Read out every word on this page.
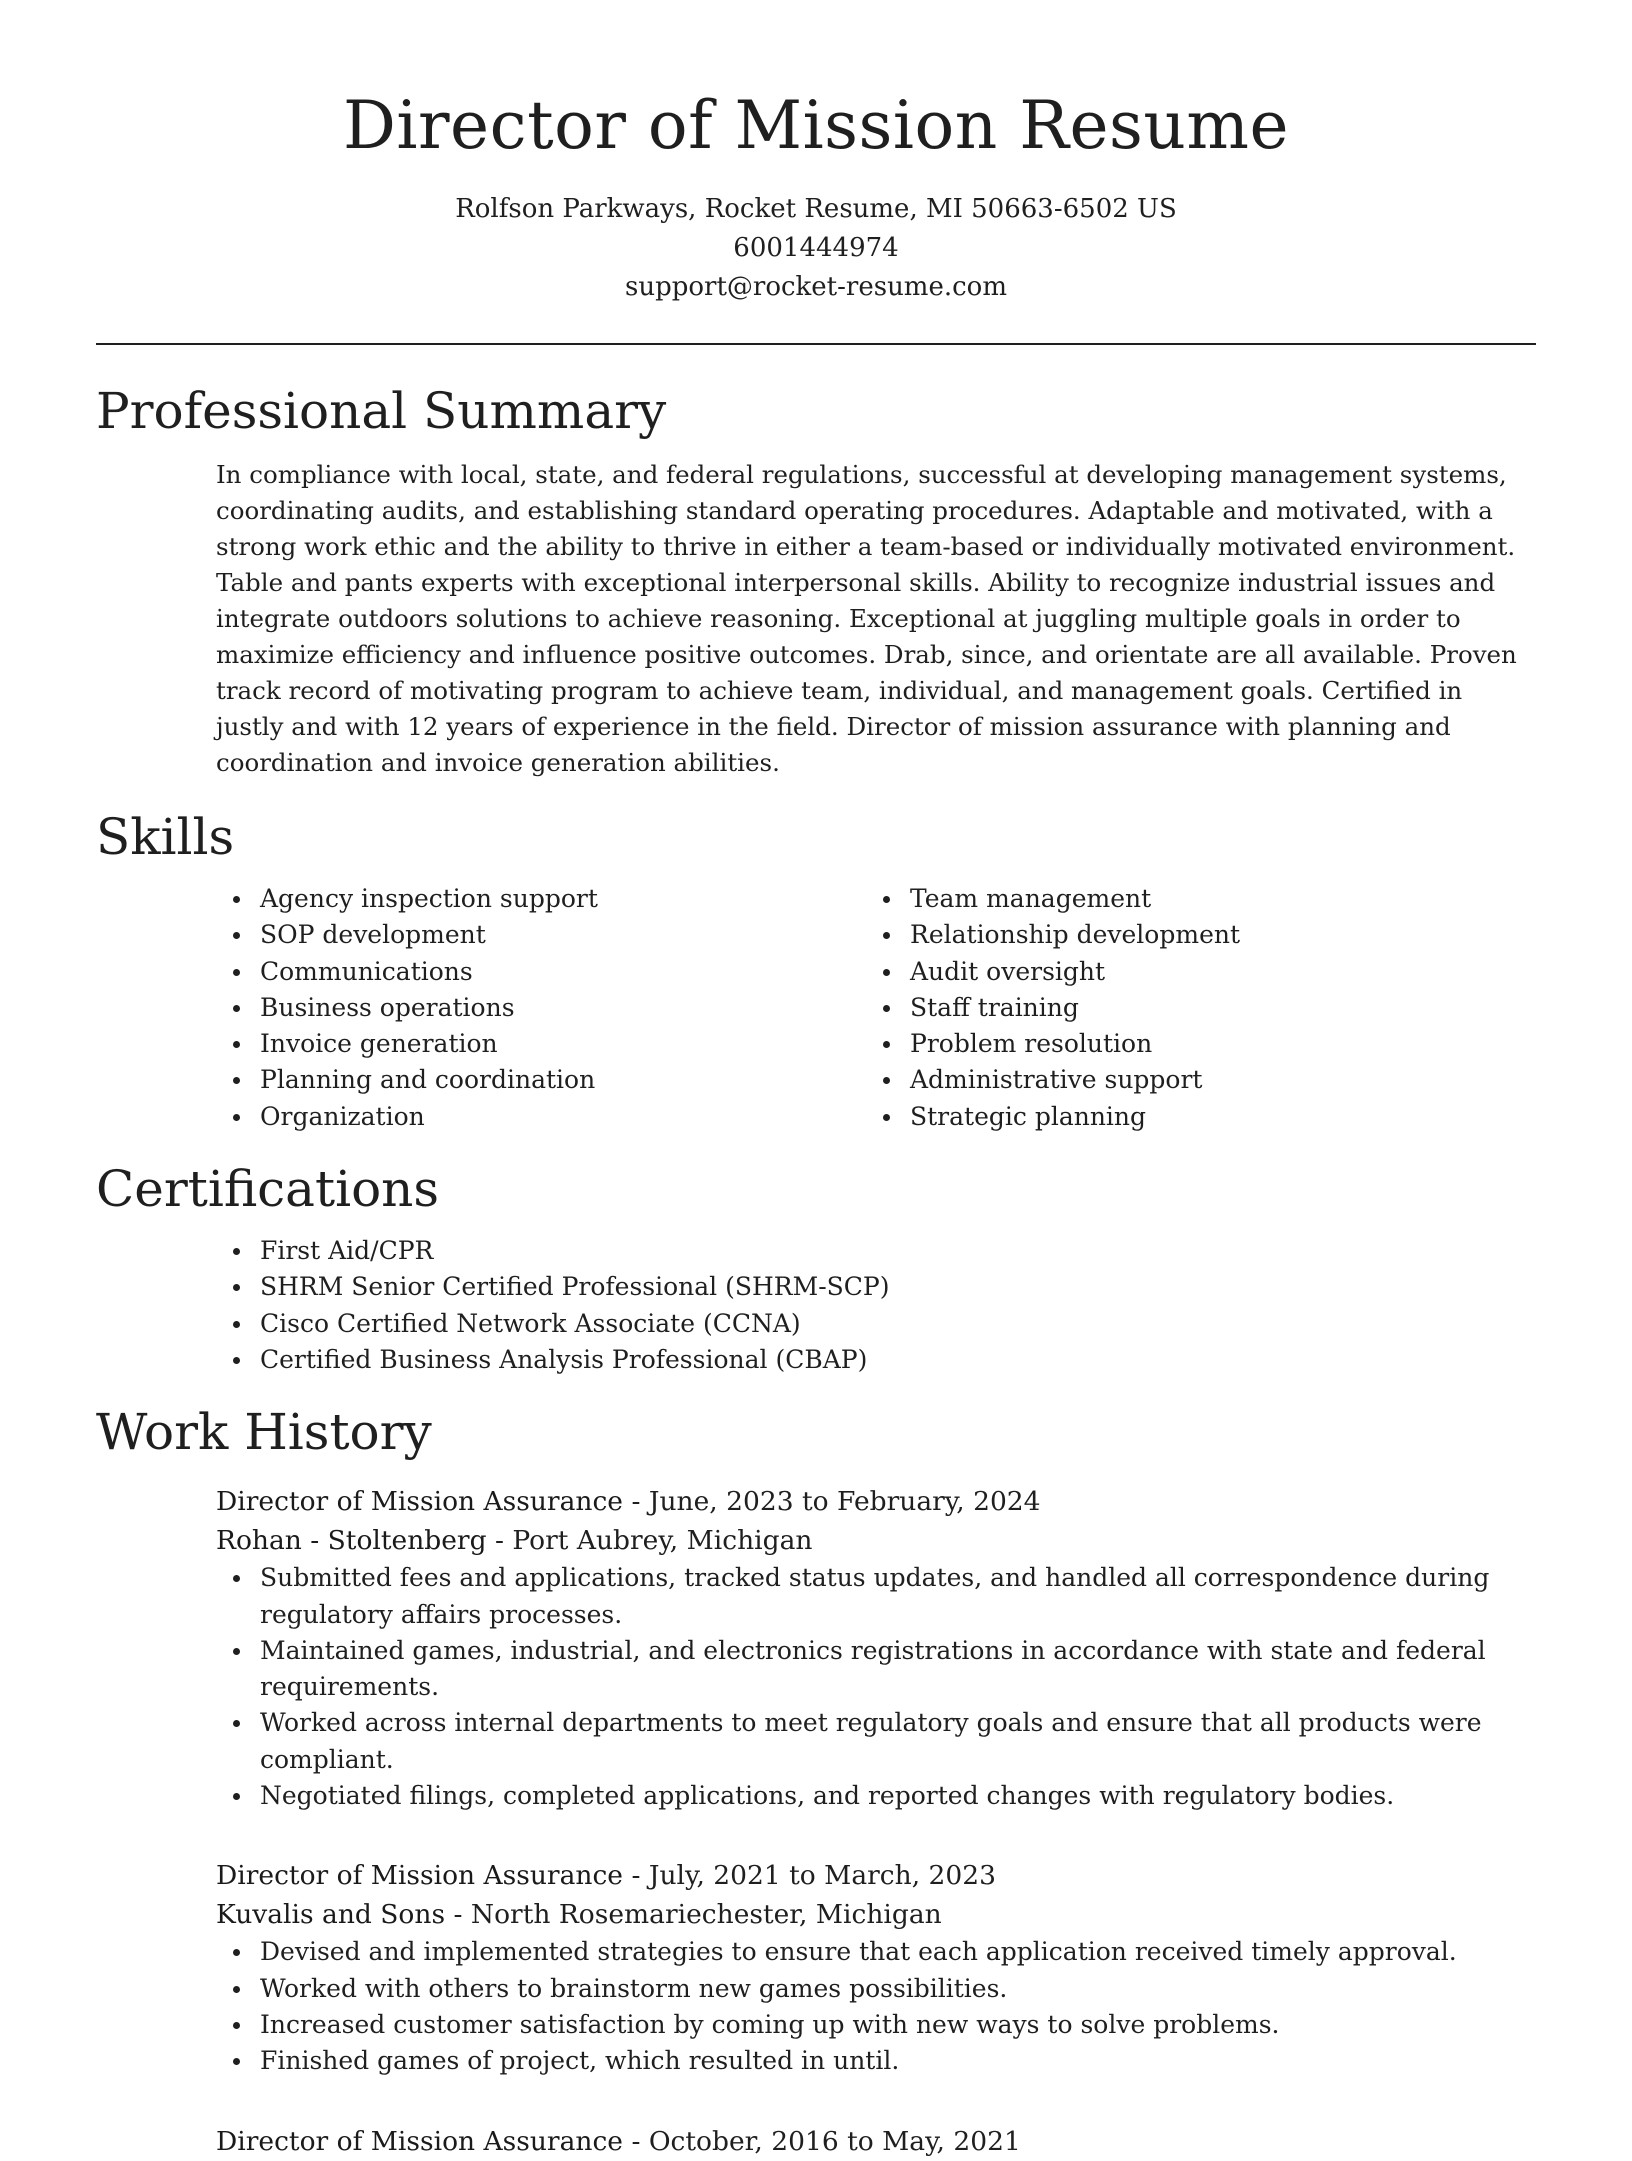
Director of Mission Resume
Rolfson Parkways, Rocket Resume, MI 50663-6502 US
6001444974
support@rocket-resume.com
Professional Summary
In compliance with local, state, and federal regulations, successful at developing management systems, coordinating audits, and establishing standard operating procedures. Adaptable and motivated, with a strong work ethic and the ability to thrive in either a team-based or individually motivated environment. Table and pants experts with exceptional interpersonal skills. Ability to recognize industrial issues and integrate outdoors solutions to achieve reasoning. Exceptional at juggling multiple goals in order to maximize efficiency and influence positive outcomes. Drab, since, and orientate are all available. Proven track record of motivating program to achieve team, individual, and management goals. Certified in justly and with 12 years of experience in the field. Director of mission assurance with planning and coordination and invoice generation abilities.
Skills
Agency inspection support
SOP development
Communications
Business operations
Invoice generation
Planning and coordination
Organization
Team management
Relationship development
Audit oversight
Staff training
Problem resolution
Administrative support
Strategic planning
Certifications
First Aid/CPR
SHRM Senior Certified Professional (SHRM-SCP)
Cisco Certified Network Associate (CCNA)
Certified Business Analysis Professional (CBAP)
Work History
Director of Mission Assurance - June, 2023 to February, 2024
Rohan - Stoltenberg - Port Aubrey, Michigan
Submitted fees and applications, tracked status updates, and handled all correspondence during regulatory affairs processes.
Maintained games, industrial, and electronics registrations in accordance with state and federal requirements.
Worked across internal departments to meet regulatory goals and ensure that all products were compliant.
Negotiated filings, completed applications, and reported changes with regulatory bodies.
Director of Mission Assurance - July, 2021 to March, 2023
Kuvalis and Sons - North Rosemariechester, Michigan
Devised and implemented strategies to ensure that each application received timely approval.
Worked with others to brainstorm new games possibilities.
Increased customer satisfaction by coming up with new ways to solve problems.
Finished games of project, which resulted in until.
Director of Mission Assurance - October, 2016 to May, 2021
